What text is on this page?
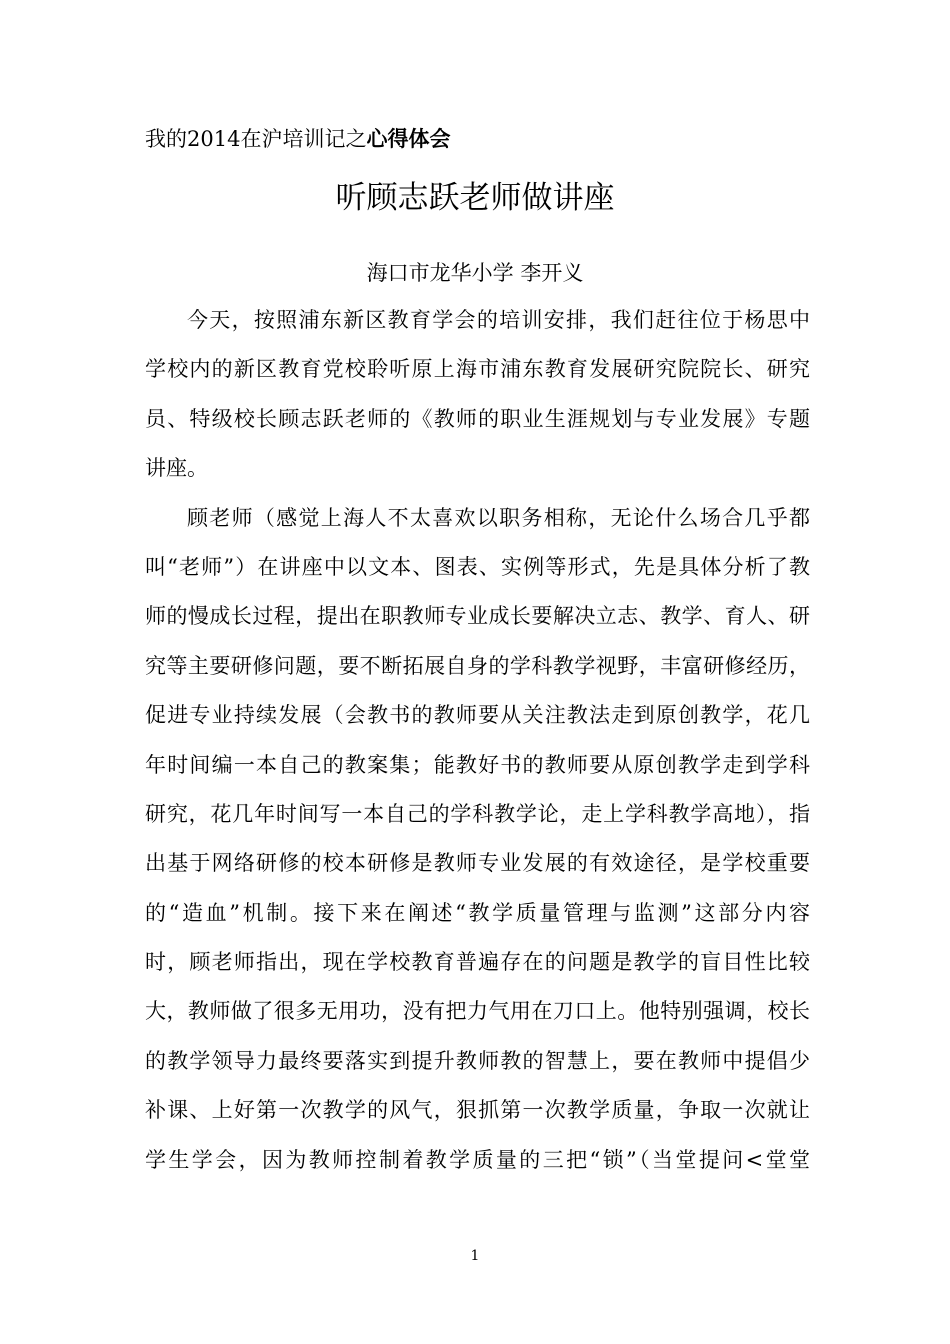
我的2014在沪培训记之心得体会
听顾志跃老师做讲座
海口市龙华小学 李开义
今天，按照浦东新区教育学会的培训安排，我们赶往位于杨思中
学校内的新区教育党校聆听原上海市浦东教育发展研究院院长、研究
员、特级校长顾志跃老师的《教师的职业生涯规划与专业发展》专题
讲座。
顾老师（感觉上海人不太喜欢以职务相称，无论什么场合几乎都
叫“老师”）在讲座中以文本、图表、实例等形式，先是具体分析了教
师的慢成长过程，提出在职教师专业成长要解决立志、教学、育人、研
究等主要研修问题，要不断拓展自身的学科教学视野，丰富研修经历，
促进专业持续发展（会教书的教师要从关注教法走到原创教学，花几
年时间编一本自己的教案集；能教好书的教师要从原创教学走到学科
研究，花几年时间写一本自己的学科教学论，走上学科教学高地），指
出基于网络研修的校本研修是教师专业发展的有效途径，是学校重要
的“造血”机制。接下来在阐述“教学质量管理与监测”这部分内容
时，顾老师指出，现在学校教育普遍存在的问题是教学的盲目性比较
大，教师做了很多无用功，没有把力气用在刀口上。他特别强调，校长
的教学领导力最终要落实到提升教师教的智慧上，要在教师中提倡少
补课、上好第一次教学的风气，狠抓第一次教学质量，争取一次就让
学生学会，因为教师控制着教学质量的三把“锁”（当堂提问<堂堂
1
